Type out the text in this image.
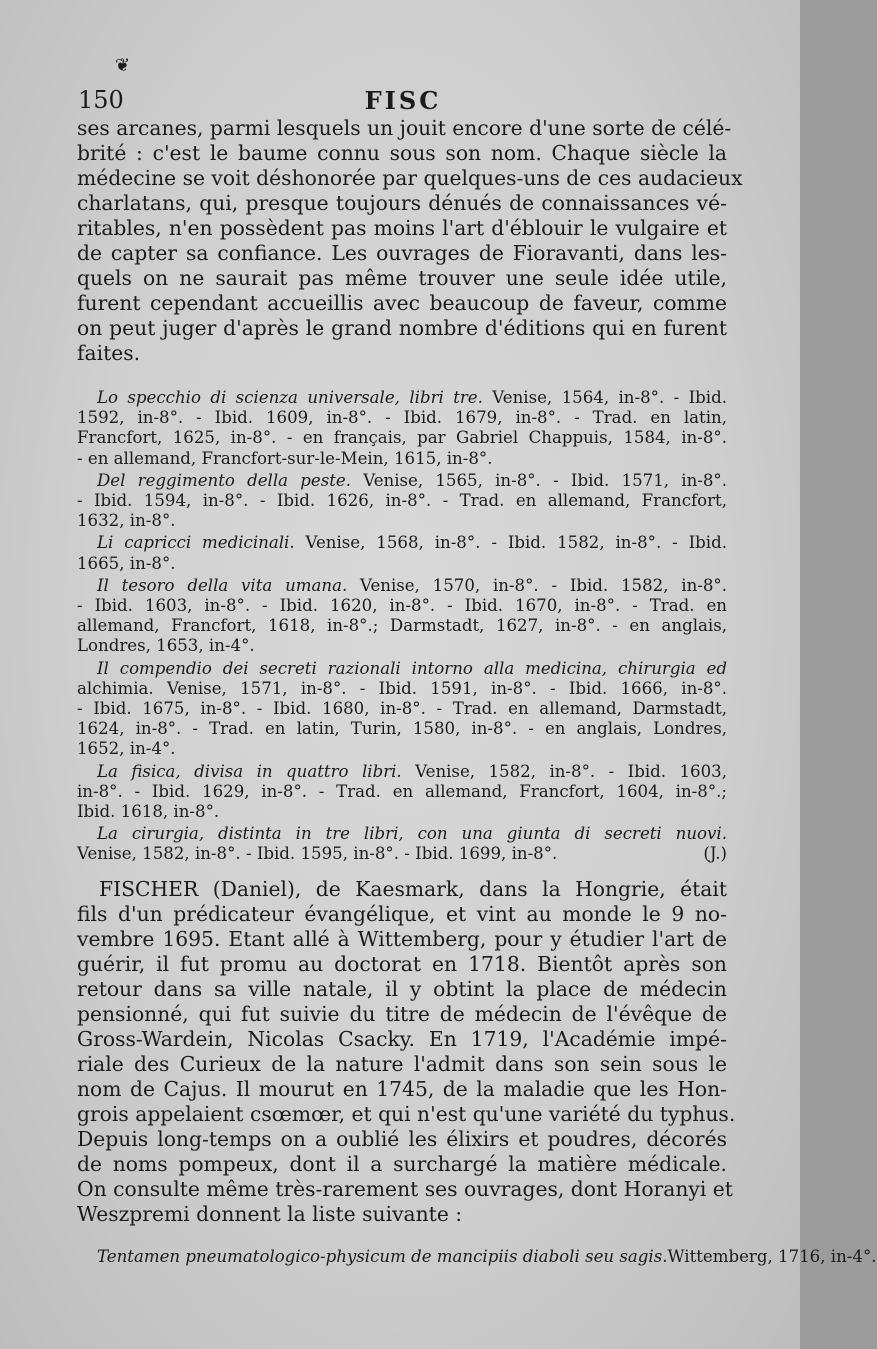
❦
150	FISC

ses arcanes, parmi lesquels un jouit encore d'une sorte de célé-
brité : c'est le baume connu sous son nom. Chaque siècle la
médecine se voit déshonorée par quelques-uns de ces audacieux
charlatans, qui, presque toujours dénués de connaissances vé-
ritables, n'en possèdent pas moins l'art d'éblouir le vulgaire et
de capter sa confiance. Les ouvrages de Fioravanti, dans les-
quels on ne saurait pas même trouver une seule idée utile,
furent cependant accueillis avec beaucoup de faveur, comme
on peut juger d'après le grand nombre d'éditions qui en furent
faites.

Lo specchio di scienza universale, libri tre. Venise, 1564, in-8°. - Ibid.
1592, in-8°. - Ibid. 1609, in-8°. - Ibid. 1679, in-8°. - Trad. en latin,
Francfort, 1625, in-8°. - en français, par Gabriel Chappuis, 1584, in-8°.
- en allemand, Francfort-sur-le-Mein, 1615, in-8°.
Del reggimento della peste. Venise, 1565, in-8°. - Ibid. 1571, in-8°.
- Ibid. 1594, in-8°. - Ibid. 1626, in-8°. - Trad. en allemand, Francfort,
1632, in-8°.
Li capricci medicinali. Venise, 1568, in-8°. - Ibid. 1582, in-8°. - Ibid.
1665, in-8°.
Il tesoro della vita umana. Venise, 1570, in-8°. - Ibid. 1582, in-8°.
- Ibid. 1603, in-8°. - Ibid. 1620, in-8°. - Ibid. 1670, in-8°. - Trad. en
allemand, Francfort, 1618, in-8°.; Darmstadt, 1627, in-8°. - en anglais,
Londres, 1653, in-4°.
Il compendio dei secreti razionali intorno alla medicina, chirurgia ed
alchimia. Venise, 1571, in-8°. - Ibid. 1591, in-8°. - Ibid. 1666, in-8°.
- Ibid. 1675, in-8°. - Ibid. 1680, in-8°. - Trad. en allemand, Darmstadt,
1624, in-8°. - Trad. en latin, Turin, 1580, in-8°. - en anglais, Londres,
1652, in-4°.
La fisica, divisa in quattro libri. Venise, 1582, in-8°. - Ibid. 1603,
in-8°. - Ibid. 1629, in-8°. - Trad. en allemand, Francfort, 1604, in-8°.;
Ibid. 1618, in-8°.
La cirurgia, distinta in tre libri, con una giunta di secreti nuovi.
Venise, 1582, in-8°. - Ibid. 1595, in-8°. - Ibid. 1699, in-8°.	(J.)

FISCHER (Daniel), de Kaesmark, dans la Hongrie, était
fils d'un prédicateur évangélique, et vint au monde le 9 no-
vembre 1695. Etant allé à Wittemberg, pour y étudier l'art de
guérir, il fut promu au doctorat en 1718. Bientôt après son
retour dans sa ville natale, il y obtint la place de médecin
pensionné, qui fut suivie du titre de médecin de l'évêque de
Gross-Wardein, Nicolas Csacky. En 1719, l'Académie impé-
riale des Curieux de la nature l'admit dans son sein sous le
nom de Cajus. Il mourut en 1745, de la maladie que les Hon-
grois appelaient csœmœr, et qui n'est qu'une variété du typhus.
Depuis long-temps on a oublié les élixirs et poudres, décorés
de noms pompeux, dont il a surchargé la matière médicale.
On consulte même très-rarement ses ouvrages, dont Horanyi et
Weszpremi donnent la liste suivante :

Tentamen pneumatologico-physicum de mancipiis diaboli seu sagis.Wittemberg, 1716, in-4°.
